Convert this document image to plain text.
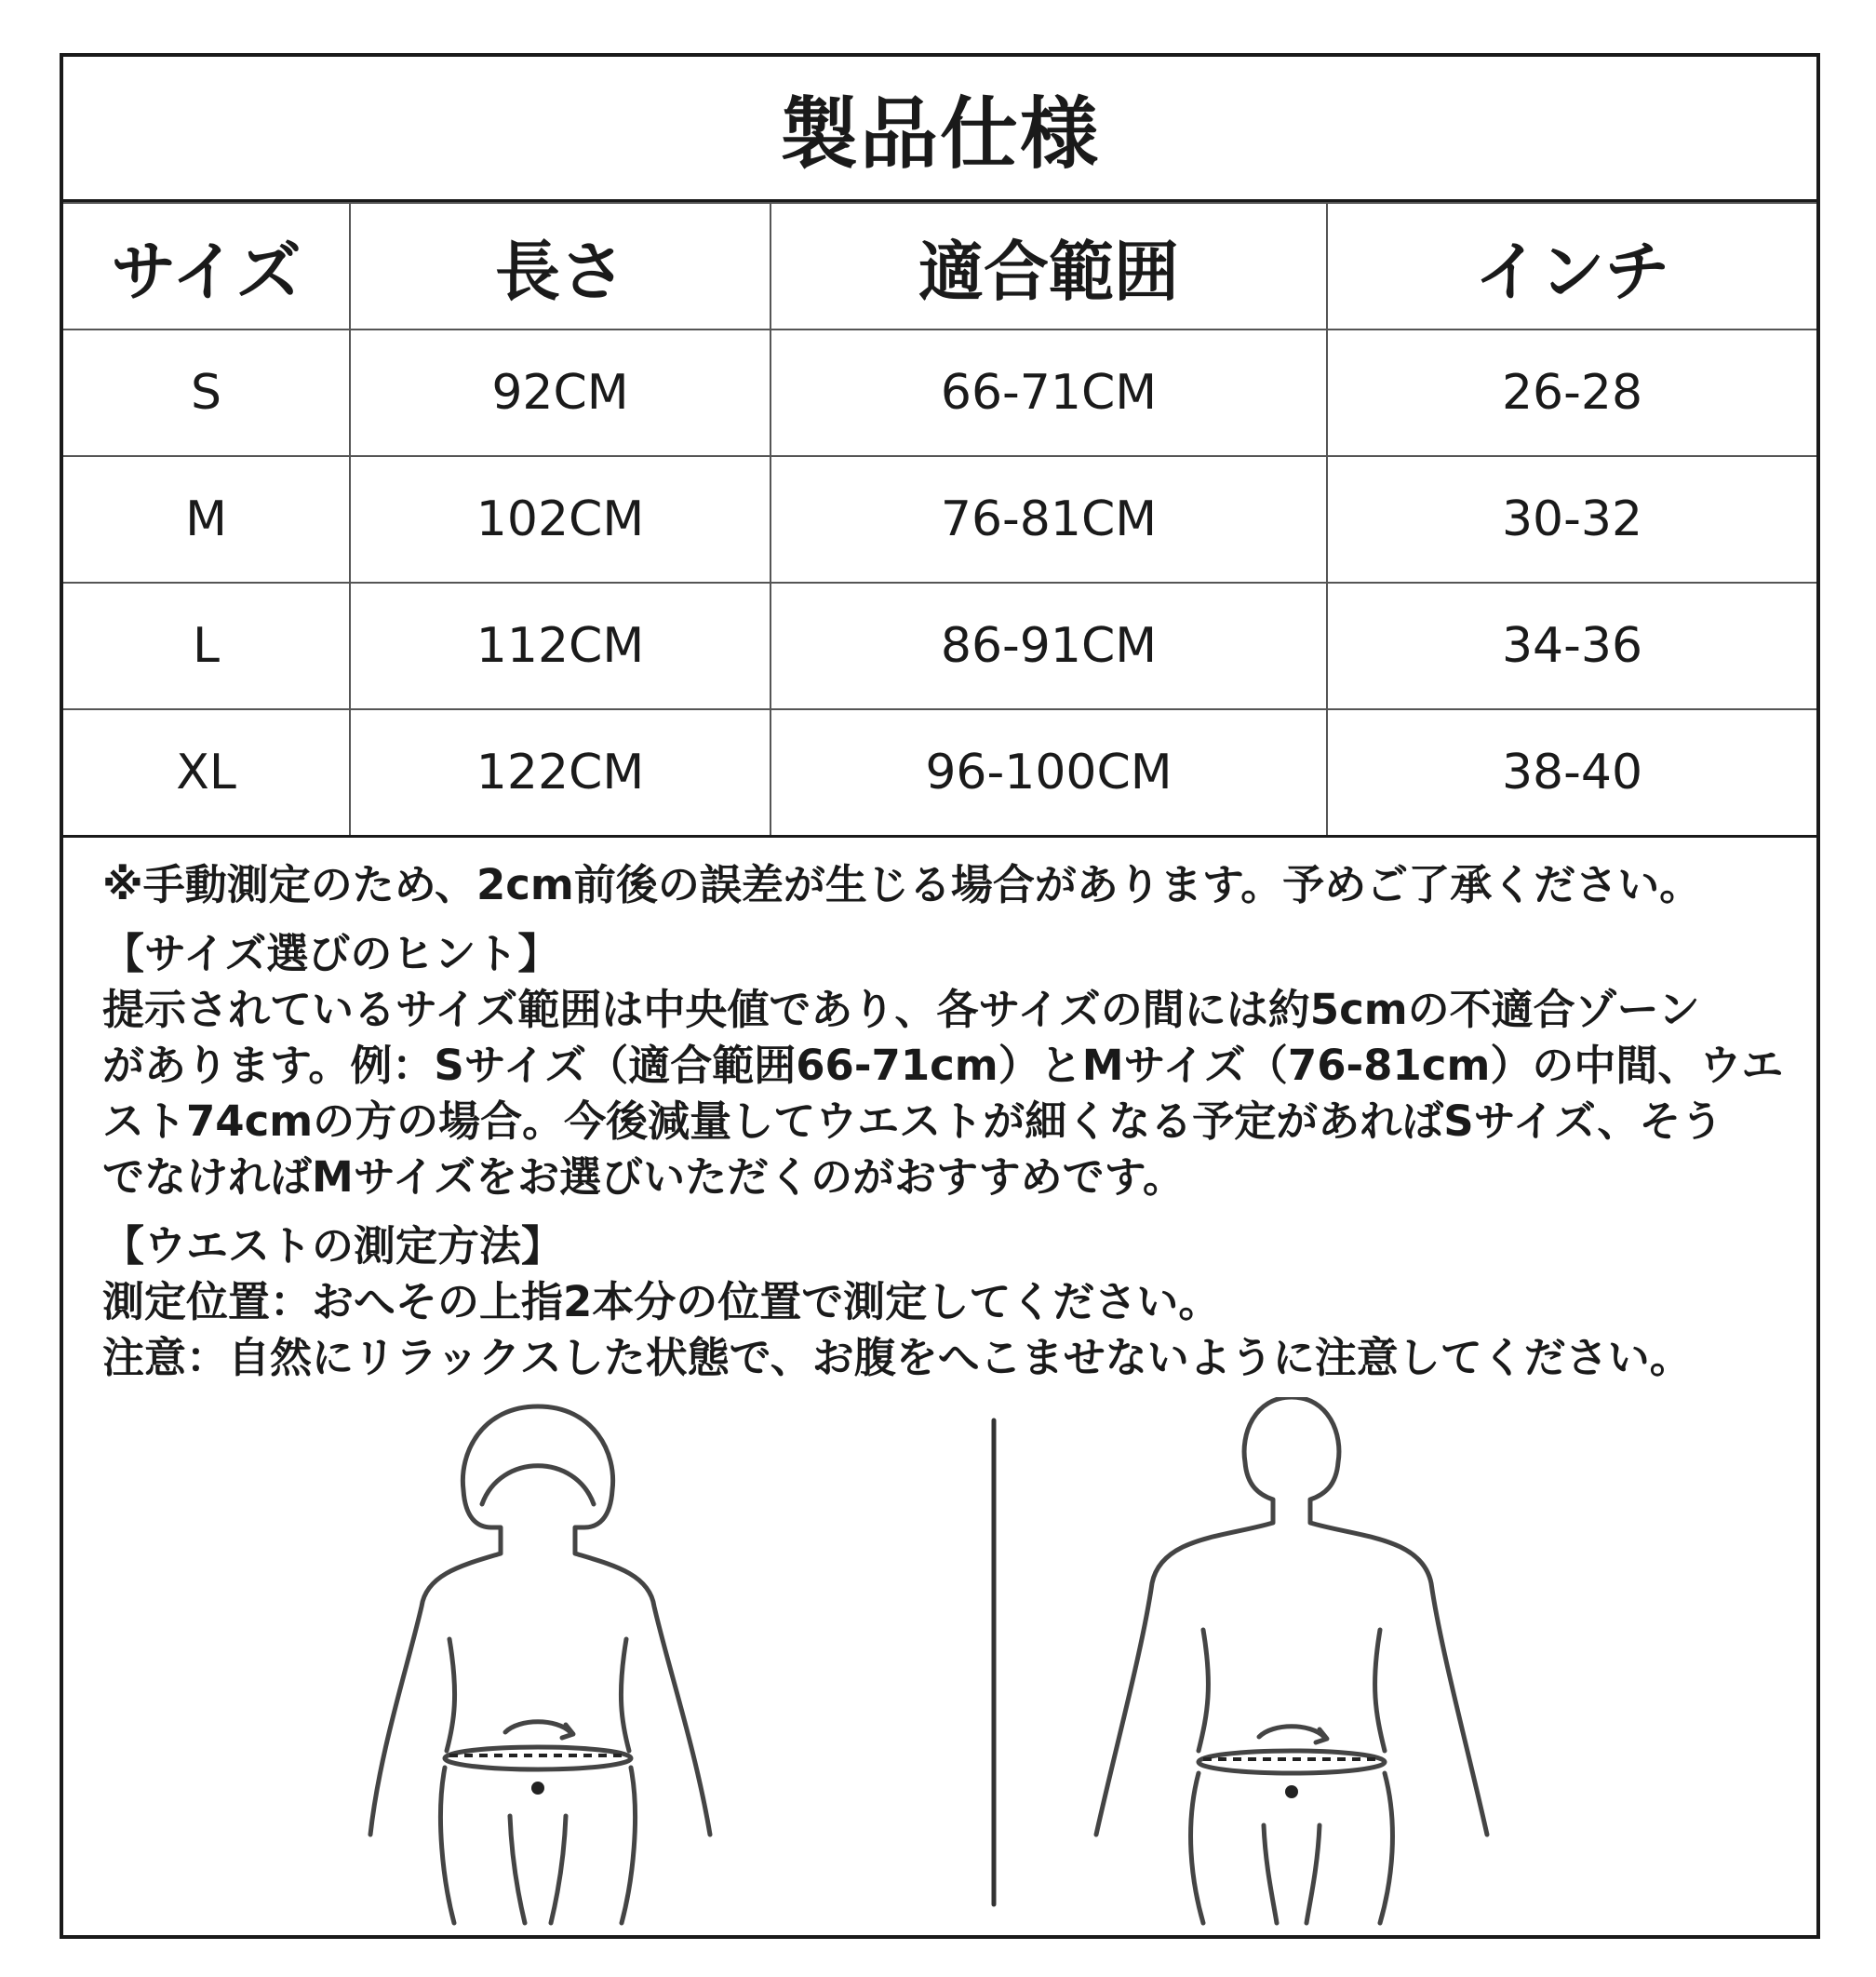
製品仕様
サイズ	長さ	適合範囲	インチ
S	92CM	66-71CM	26-28
M	102CM	76-81CM	30-32
L	112CM	86-91CM	34-36
XL	122CM	96-100CM	38-40

※手動測定のため、2cm前後の誤差が生じる場合があります。予めご了承ください。

【サイズ選びのヒント】

提示されているサイズ範囲は中央値であり、各サイズの間には約5cmの不適合ゾーン

があります。例：Sサイズ（適合範囲66-71cm）とMサイズ（76-81cm）の中間、ウエ

スト74cmの方の場合。今後減量してウエストが細くなる予定があればSサイズ、そう

でなければMサイズをお選びいただくのがおすすめです。

【ウエストの測定方法】

測定位置：おへその上指2本分の位置で測定してください。

注意：自然にリラックスした状態で、お腹をへこませないように注意してください。
